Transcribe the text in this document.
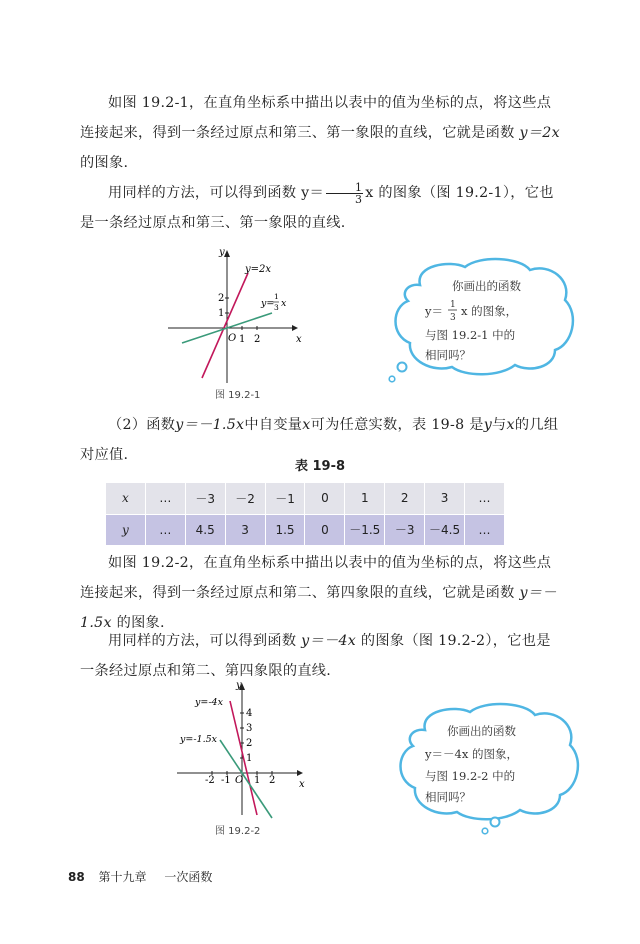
如图 19.2-1，在直角坐标系中描出以表中的值为坐标的点，将这些点连接起来，得到一条经过原点和第三、第一象限的直线，它就是函数 y＝2x 的图象.

用同样的方法，可以得到函数 $y= \frac{1}{3}$ x 的图象（图 19.2-1），它也是一条经过原点和第三、第一象限的直线.

y
x
O 1 2
1
2
y=2x
y=
1
3 x
图 19.2-1
你画出的函数
y＝ 1
3 x 的图象，
与图 19.2-1 中的
相同吗？

（2）函数y＝－1.5x中自变量x可为任意实数，表 19-8 是y与x的几组对应值.

表 19-8
x	…	－3	－2	－1	0	1	2	3	…
y	…	4.5	3	1.5	0	－1.5	－3	－4.5	…

如图 19.2-2，在直角坐标系中描出以表中的值为坐标的点，将这些点连接起来，得到一条经过原点和第二、第四象限的直线，它就是函数 y＝－1.5x 的图象.

用同样的方法，可以得到函数 y＝－4x 的图象（图 19.2-2），它也是一条经过原点和第二、第四象限的直线.

y
x
O
-2 -1 1 2
1
2
3
4
y=-4x
y=-1.5x
图 19.2-2
你画出的函数
y＝－4x 的图象，
与图 19.2-2 中的
相同吗？
88 第十九章 一次函数
